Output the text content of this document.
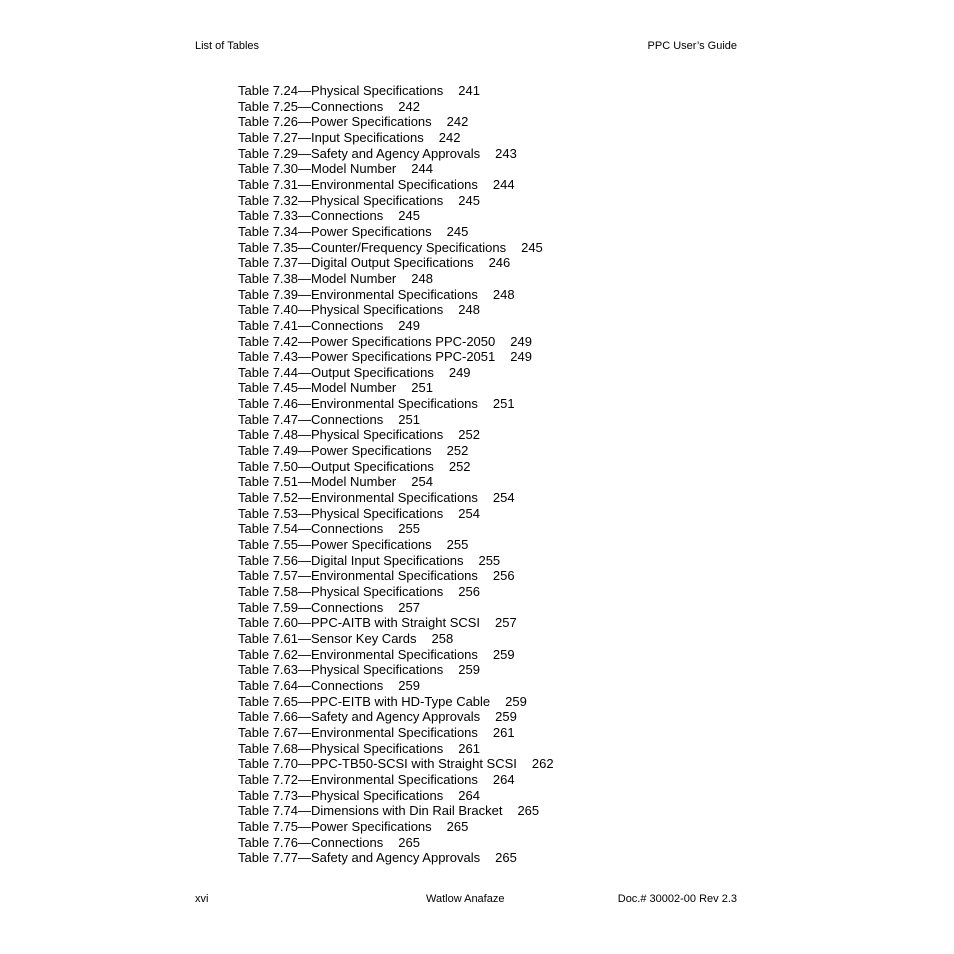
List of Tables	PPC User’s Guide
Table 7.24—Physical Specifications 241
Table 7.25—Connections 242
Table 7.26—Power Specifications 242
Table 7.27—Input Specifications 242
Table 7.29—Safety and Agency Approvals 243
Table 7.30—Model Number 244
Table 7.31—Environmental Specifications 244
Table 7.32—Physical Specifications 245
Table 7.33—Connections 245
Table 7.34—Power Specifications 245
Table 7.35—Counter/Frequency Specifications 245
Table 7.37—Digital Output Specifications 246
Table 7.38—Model Number 248
Table 7.39—Environmental Specifications 248
Table 7.40—Physical Specifications 248
Table 7.41—Connections 249
Table 7.42—Power Specifications PPC-2050 249
Table 7.43—Power Specifications PPC-2051 249
Table 7.44—Output Specifications 249
Table 7.45—Model Number 251
Table 7.46—Environmental Specifications 251
Table 7.47—Connections 251
Table 7.48—Physical Specifications 252
Table 7.49—Power Specifications 252
Table 7.50—Output Specifications 252
Table 7.51—Model Number 254
Table 7.52—Environmental Specifications 254
Table 7.53—Physical Specifications 254
Table 7.54—Connections 255
Table 7.55—Power Specifications 255
Table 7.56—Digital Input Specifications 255
Table 7.57—Environmental Specifications 256
Table 7.58—Physical Specifications 256
Table 7.59—Connections 257
Table 7.60—PPC-AITB with Straight SCSI 257
Table 7.61—Sensor Key Cards 258
Table 7.62—Environmental Specifications 259
Table 7.63—Physical Specifications 259
Table 7.64—Connections 259
Table 7.65—PPC-EITB with HD-Type Cable 259
Table 7.66—Safety and Agency Approvals 259
Table 7.67—Environmental Specifications 261
Table 7.68—Physical Specifications 261
Table 7.70—PPC-TB50-SCSI with Straight SCSI 262
Table 7.72—Environmental Specifications 264
Table 7.73—Physical Specifications 264
Table 7.74—Dimensions with Din Rail Bracket 265
Table 7.75—Power Specifications 265
Table 7.76—Connections 265
Table 7.77—Safety and Agency Approvals 265
xvi	Watlow Anafaze	Doc.# 30002-00 Rev 2.3
